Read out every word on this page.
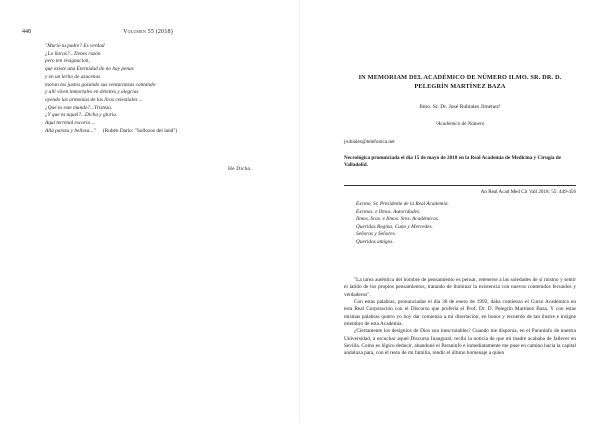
448	Volumen 55 (2018)
"Murió tu padre? Es verdad
¿Lo lloras?...Tienes razón
pero ten resignación,
que existe una Eternidad do no hay penas
y en un lecho de azucenas
moran los justos gozando sus venturanzas cantando
y allí viven inmortales en deleites y alegrías
oyendo las armonías de las liras celestiales ...
¿Qué es este mundo?...Tristeza.
¿Y que es aquel?...Dicha y gloria.
Aquí terrenal escoria ...
Allá pureza y belleza..." (Rubén Darío: "Sollozos del laúd")
He Dicho.
IN MEMORIAM DEL ACADÉMICO DE NÚMERO ILMO. SR. DR. D. PELEGRÍN MARTÍNEZ BAZA
Ilmo. Sr. Dr. José Rubiales Jiménez¹
¹Académico de Número
jrubiales@telefonica.net
Necrológica pronunciada el día 15 de mayo de 2018 en la Real Academia de Medicina y Cirugía de Valladolid.
An Real Acad Med Cir Vall 2018; 55: 449-456
Excmo. Sr. Presidente de la Real Academia.
Excmos. e Ilmos. Autoridades.
Ilmos. Sras. e Ilmos. Sres. Académicos.
Queridas Regina, Cuno y Mercedes.
Señoras y Señores.
Queridos amigos.

"La tarea auténtica del hombre de pensamiento es pensar, retenerse a las soledades de sí mismo y sentir el latido de los propios pensamientos, tratando de iluminar la existencia con nuevos contenidos fecundos y verdaderos".

Con estas palabras, pronunciadas el día 30 de enero de 1992, daba comienzo el Curso Académico en esta Real Corporación con el Discurso que profería el Prof. Dr. D. Pelegrín Martínez Baza. Y con estas mismas palabras quiero yo hoy dar comienzo a mi disertación, en honor y recuerdo de tan ilustre e insigne miembro de esta Academia.

¿Ciertamente los designios de Dios son inescrutables? Cuando me disponía, en el Paraninfo de nuestra Universidad, a escuchar aquel Discurso Inaugural, recibí la noticia de que mi madre acababa de fallecer en Sevilla. Como es lógico deducir, abandoné el Paraninfo e inmediatamente me puse en camino hacia la capital andaluza para, con el resto de mi familia, rendir el último homenaje a quien
